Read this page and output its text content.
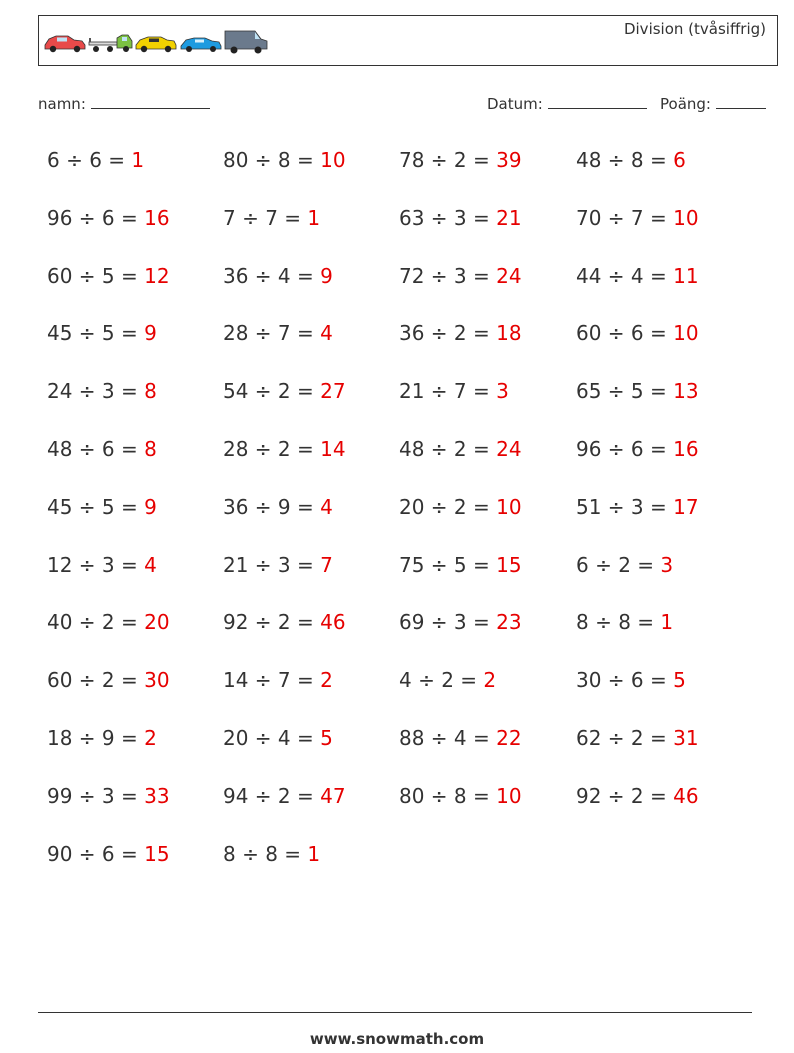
Division (tvåsiffrig)
namn:	Datum:	Poäng:
6 ÷ 6 = 1	80 ÷ 8 = 10	78 ÷ 2 = 39	48 ÷ 8 = 6
96 ÷ 6 = 16	7 ÷ 7 = 1	63 ÷ 3 = 21	70 ÷ 7 = 10
60 ÷ 5 = 12	36 ÷ 4 = 9	72 ÷ 3 = 24	44 ÷ 4 = 11
45 ÷ 5 = 9	28 ÷ 7 = 4	36 ÷ 2 = 18	60 ÷ 6 = 10
24 ÷ 3 = 8	54 ÷ 2 = 27	21 ÷ 7 = 3	65 ÷ 5 = 13
48 ÷ 6 = 8	28 ÷ 2 = 14	48 ÷ 2 = 24	96 ÷ 6 = 16
45 ÷ 5 = 9	36 ÷ 9 = 4	20 ÷ 2 = 10	51 ÷ 3 = 17
12 ÷ 3 = 4	21 ÷ 3 = 7	75 ÷ 5 = 15	6 ÷ 2 = 3
40 ÷ 2 = 20	92 ÷ 2 = 46	69 ÷ 3 = 23	8 ÷ 8 = 1
60 ÷ 2 = 30	14 ÷ 7 = 2	4 ÷ 2 = 2	30 ÷ 6 = 5
18 ÷ 9 = 2	20 ÷ 4 = 5	88 ÷ 4 = 22	62 ÷ 2 = 31
99 ÷ 3 = 33	94 ÷ 2 = 47	80 ÷ 8 = 10	92 ÷ 2 = 46
90 ÷ 6 = 15	8 ÷ 8 = 1
www.snowmath.com
